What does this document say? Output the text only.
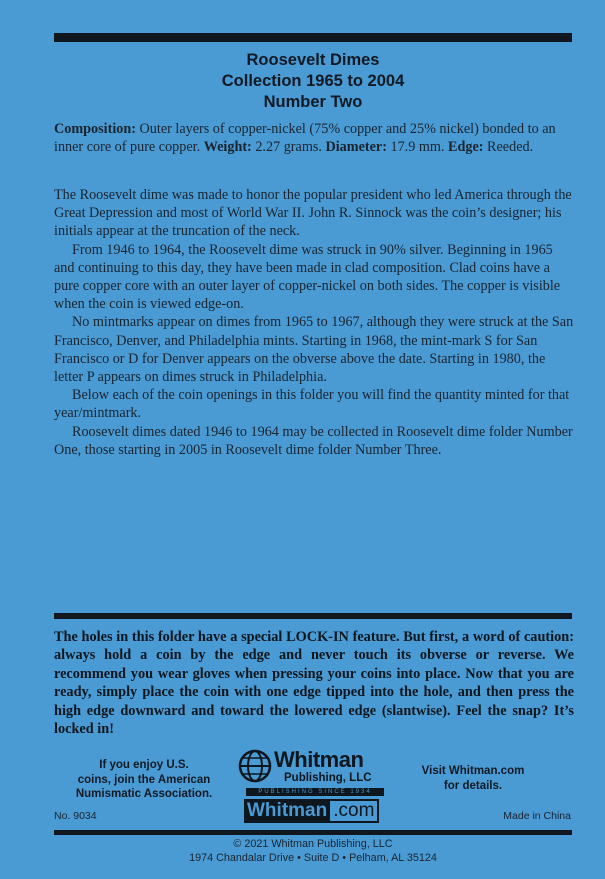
Roosevelt Dimes
Collection 1965 to 2004
Number Two

Composition: Outer layers of copper-nickel (75% copper and 25% nickel) bonded to an inner core of pure copper. Weight: 2.27 grams. Diameter: 17.9 mm. Edge: Reeded.

The Roosevelt dime was made to honor the popular president who led America through the Great Depression and most of World War II. John R. Sinnock was the coin’s designer; his initials appear at the truncation of the neck.

From 1946 to 1964, the Roosevelt dime was struck in 90% silver. Beginning in 1965 and continuing to this day, they have been made in clad composition. Clad coins have a pure copper core with an outer layer of copper-nickel on both sides. The copper is visible when the coin is viewed edge-on.

No mintmarks appear on dimes from 1965 to 1967, although they were struck at the San Francisco, Denver, and Philadelphia mints. Starting in 1968, the mint-mark S for San Francisco or D for Denver appears on the obverse above the date. Starting in 1980, the letter P appears on dimes struck in Philadelphia.

Below each of the coin openings in this folder you will find the quantity minted for that year/mintmark.

Roosevelt dimes dated 1946 to 1964 may be collected in Roosevelt dime folder Number One, those starting in 2005 in Roosevelt dime folder Number Three.

The holes in this folder have a special LOCK-IN feature. But first, a word of caution: always hold a coin by the edge and never touch its obverse or reverse. We recommend you wear gloves when pressing your coins into place. Now that you are ready, simply place the coin with one edge tipped into the hole, and then press the high edge downward and toward the lowered edge (slantwise). Feel the snap? It’s locked in!
If you enjoy U.S.
coins, join the American
Numismatic Association.
Whitman
Publishing, LLC
PUBLISHING SINCE 1934
Whitman .com
Visit Whitman.com
for details.
No. 9034	Made in China
© 2021 Whitman Publishing, LLC
1974 Chandalar Drive • Suite D • Pelham, AL 35124
